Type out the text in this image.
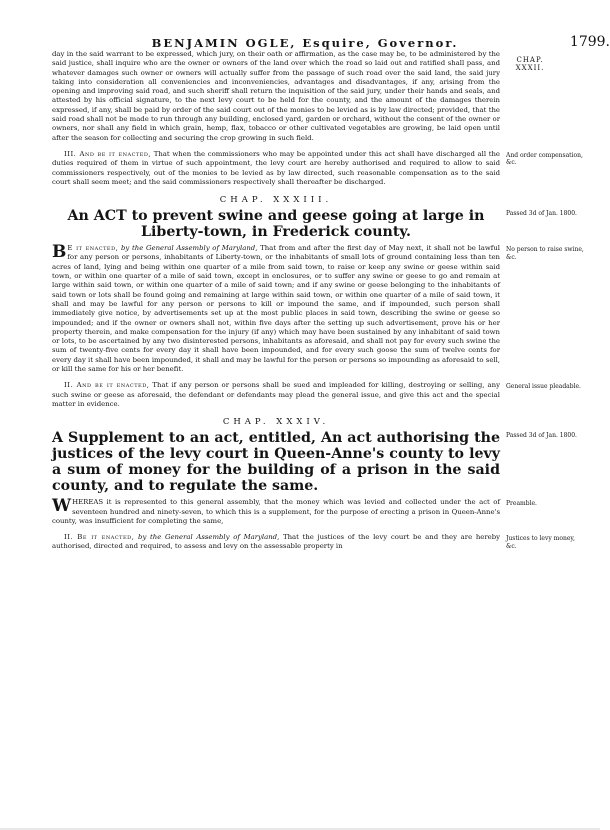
BENJAMIN OGLE, Esquire, Governor.	1799.
CHAP.
XXXII.

day in the said warrant to be expressed, which jury, on their oath or affirmation, as the case may be, to be administered by the said justice, shall inquire who are the owner or owners of the land over which the road so laid out and ratified shall pass, and whatever damages such owner or owners will actually suffer from the passage of such road over the said land, the said jury taking into consideration all conveniencies and inconveniencies, advantages and disadvantages, if any, arising from the opening and improving said road, and such sheriff shall return the inquisition of the said jury, under their hands and seals, and attested by his official signature, to the next levy court to be held for the county, and the amount of the damages therein expressed, if any, shall be paid by order of the said court out of the monies to be levied as is by law directed; provided, that the said road shall not be made to run through any building, enclosed yard, garden or orchard, without the consent of the owner or owners, nor shall any field in which grain, hemp, flax, tobacco or other cultivated vegetables are growing, be laid open until after the season for collecting and securing the crop growing in such field.

III. And be it enacted, That when the commissioners who may be appointed under this act shall have discharged all the duties required of them in virtue of such appointment, the levy court are hereby authorised and required to allow to said commissioners respectively, out of the monies to be levied as by law directed, such reasonable compensation as to the said court shall seem meet; and the said commissioners respectively shall thereafter be discharged.

CHAP. XXXIII.
An ACT to prevent swine and geese going at large in Liberty-town, in Frederick county.

B E it enacted, by the General Assembly of Maryland, That from and after the first day of May next, it shall not be lawful for any person or persons, inhabitants of Liberty-town, or the inhabitants of small lots of ground containing less than ten acres of land, lying and being within one quarter of a mile from said town, to raise or keep any swine or geese within said town, or within one quarter of a mile of said town, except in enclosures, or to suffer any swine or geese to go and remain at large within said town, or within one quarter of a mile of said town; and if any swine or geese belonging to the inhabitants of said town or lots shall be found going and remaining at large within said town, or within one quarter of a mile of said town, it shall and may be lawful for any person or persons to kill or impound the same, and if impounded, such person shall immediately give notice, by advertisements set up at the most public places in said town, describing the swine or geese so impounded; and if the owner or owners shall not, within five days after the setting up such advertisement, prove his or her property therein, and make compensation for the injury (if any) which may have been sustained by any inhabitant of said town or lots, to be ascertained by any two disinterested persons, inhabitants as aforesaid, and shall not pay for every such swine the sum of twenty-five cents for every day it shall have been impounded, and for every such goose the sum of twelve cents for every day it shall have been impounded, it shall and may be lawful for the person or persons so impounding as aforesaid to sell, or kill the same for his or her benefit.

II. And be it enacted, That if any person or persons shall be sued and impleaded for killing, destroying or selling, any such swine or geese as aforesaid, the defendant or defendants may plead the general issue, and give this act and the special matter in evidence.

CHAP. XXXIV.
A Supplement to an act, entitled, An act authorising the justices of the levy court in Queen-Anne's county to levy a sum of money for the building of a prison in the said county, and to regulate the same.

WHEREAS it is represented to this general assembly, that the money which was levied and collected under the act of seventeen hundred and ninety-seven, to which this is a supplement, for the purpose of erecting a prison in Queen-Anne's county, was insufficient for completing the same,

II. Be it enacted, by the General Assembly of Maryland, That the justices of the levy court be and they are hereby authorised, directed and required, to assess and levy on the assessable property in

And order compensation, &c.
Passed 3d of Jan. 1800.
No person to raise swine, &c.
General issue pleadable.
Passed 3d of Jan. 1800.
Preamble.
Justices to levy money, &c.
